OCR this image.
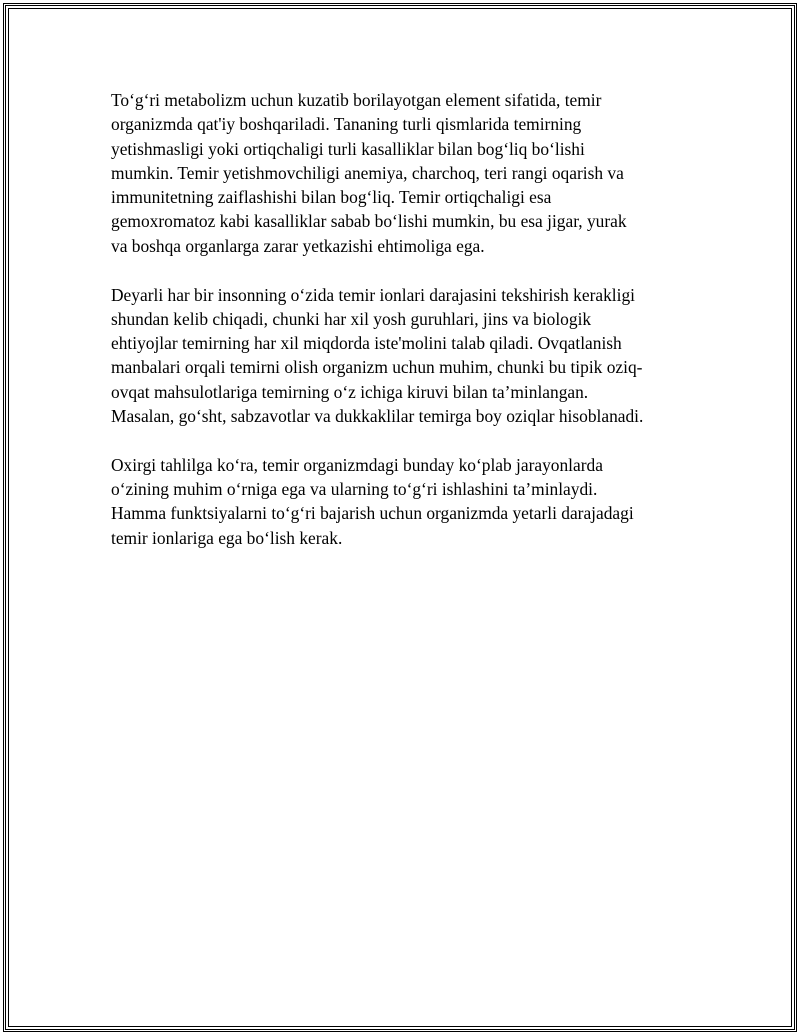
To‘g‘ri metabolizm uchun kuzatib borilayotgan element sifatida, temir
organizmda qat'iy boshqariladi. Tananing turli qismlarida temirning
yetishmasligi yoki ortiqchaligi turli kasalliklar bilan bog‘liq bo‘lishi
mumkin. Temir yetishmovchiligi anemiya, charchoq, teri rangi oqarish va
immunitetning zaiflashishi bilan bog‘liq. Temir ortiqchaligi esa
gemoxromatoz kabi kasalliklar sabab bo‘lishi mumkin, bu esa jigar, yurak
va boshqa organlarga zarar yetkazishi ehtimoliga ega.

Deyarli har bir insonning o‘zida temir ionlari darajasini tekshirish kerakligi
shundan kelib chiqadi, chunki har xil yosh guruhlari, jins va biologik
ehtiyojlar temirning har xil miqdorda iste'molini talab qiladi. Ovqatlanish
manbalari orqali temirni olish organizm uchun muhim, chunki bu tipik oziq-
ovqat mahsulotlariga temirning o‘z ichiga kiruvi bilan ta’minlangan.
Masalan, go‘sht, sabzavotlar va dukkaklilar temirga boy oziqlar hisoblanadi.

Oxirgi tahlilga ko‘ra, temir organizmdagi bunday ko‘plab jarayonlarda
o‘zining muhim o‘rniga ega va ularning to‘g‘ri ishlashini ta’minlaydi.
Hamma funktsiyalarni to‘g‘ri bajarish uchun organizmda yetarli darajadagi
temir ionlariga ega bo‘lish kerak.
